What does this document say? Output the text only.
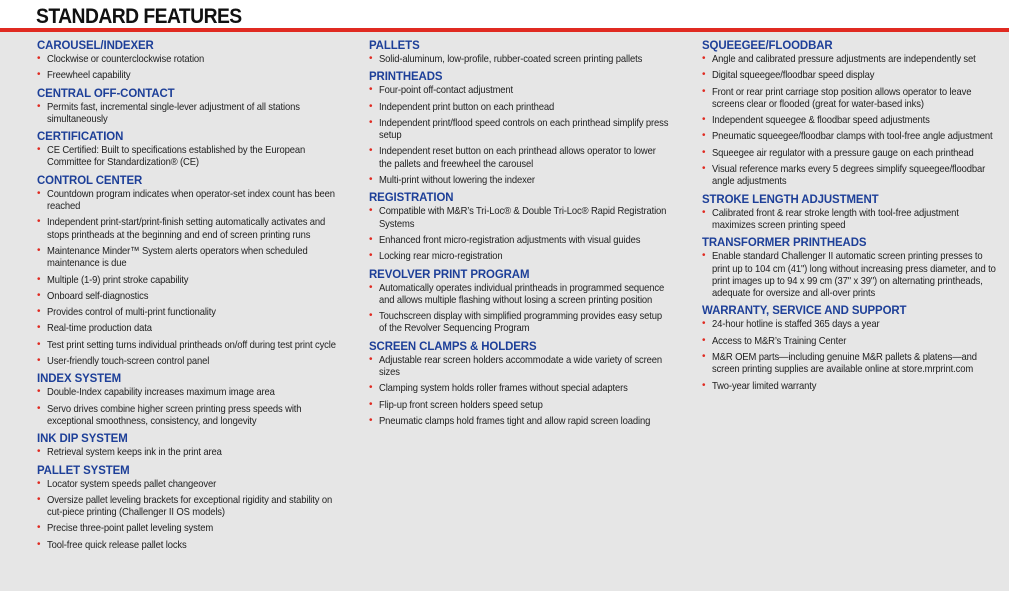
STANDARD FEATURES
CAROUSEL/INDEXER
• Clockwise or counterclockwise rotation
• Freewheel capability
CENTRAL OFF-CONTACT
• Permits fast, incremental single-lever adjustment of all stations simultaneously
CERTIFICATION
• CE Certified: Built to specifications established by the European Committee for Standardization® (CE)
CONTROL CENTER
• Countdown program indicates when operator-set index count has been reached
• Independent print-start/print-finish setting automatically activates and stops printheads at the beginning and end of screen printing runs
• Maintenance Minder™ System alerts operators when scheduled maintenance is due
• Multiple (1-9) print stroke capability
• Onboard self-diagnostics
• Provides control of multi-print functionality
• Real-time production data
• Test print setting turns individual printheads on/off during test print cycle
• User-friendly touch-screen control panel
INDEX SYSTEM
• Double-Index capability increases maximum image area
• Servo drives combine higher screen printing press speeds with exceptional smoothness, consistency, and longevity
INK DIP SYSTEM
• Retrieval system keeps ink in the print area
PALLET SYSTEM
• Locator system speeds pallet changeover
• Oversize pallet leveling brackets for exceptional rigidity and stability on cut-piece printing (Challenger II OS models)
• Precise three-point pallet leveling system
• Tool-free quick release pallet locks
PALLETS
• Solid-aluminum, low-profile, rubber-coated screen printing pallets
PRINTHEADS
• Four-point off-contact adjustment
• Independent print button on each printhead
• Independent print/flood speed controls on each printhead simplify press setup
• Independent reset button on each printhead allows operator to lower the pallets and freewheel the carousel
• Multi-print without lowering the indexer
REGISTRATION
• Compatible with M&R’s Tri-Loc® & Double Tri-Loc® Rapid Registration Systems
• Enhanced front micro-registration adjustments with visual guides
• Locking rear micro-registration
REVOLVER PRINT PROGRAM
• Automatically operates individual printheads in programmed sequence and allows multiple flashing without losing a screen printing position
• Touchscreen display with simplified programming provides easy setup of the Revolver Sequencing Program
SCREEN CLAMPS & HOLDERS
• Adjustable rear screen holders accommodate a wide variety of screen sizes
• Clamping system holds roller frames without special adapters
• Flip-up front screen holders speed setup
• Pneumatic clamps hold frames tight and allow rapid screen loading
SQUEEGEE/FLOODBAR
• Angle and calibrated pressure adjustments are independently set
• Digital squeegee/floodbar speed display
• Front or rear print carriage stop position allows operator to leave screens clear or flooded (great for water-based inks)
• Independent squeegee & floodbar speed adjustments
• Pneumatic squeegee/floodbar clamps with tool-free angle adjustment
• Squeegee air regulator with a pressure gauge on each printhead
• Visual reference marks every 5 degrees simplify squeegee/floodbar angle adjustments
STROKE LENGTH ADJUSTMENT
• Calibrated front & rear stroke length with tool-free adjustment maximizes screen printing speed
TRANSFORMER PRINTHEADS
• Enable standard Challenger II automatic screen printing presses to print up to 104 cm (41") long without increasing press diameter, and to print images up to 94 x 99 cm (37" x 39") on alternating printheads, adequate for oversize and all-over prints
WARRANTY, SERVICE AND SUPPORT
• 24-hour hotline is staffed 365 days a year
• Access to M&R’s Training Center
• M&R OEM parts—including genuine M&R pallets & platens—and screen printing supplies are available online at store.mrprint.com
• Two-year limited warranty
